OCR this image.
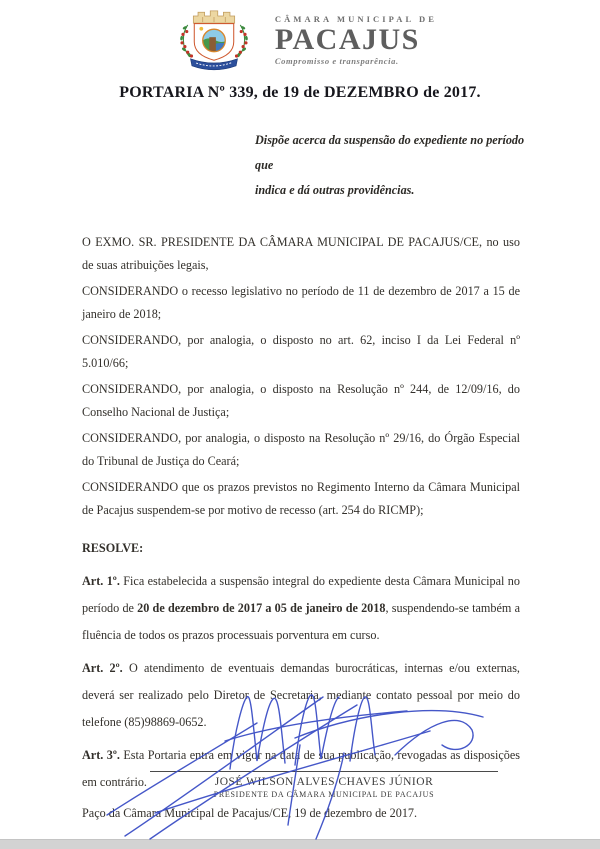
CÂMARA MUNICIPAL DE
PACAJUS
Compromisso e transparência.
PORTARIA Nº 339, de 19 de DEZEMBRO de 2017.
Dispõe acerca da suspensão do expediente no período que
indica e dá outras providências.

O EXMO. SR. PRESIDENTE DA CÂMARA MUNICIPAL DE PACAJUS/CE, no uso de suas atribuições legais,

CONSIDERANDO o recesso legislativo no período de 11 de dezembro de 2017 a 15 de janeiro de 2018;

CONSIDERANDO, por analogia, o disposto no art. 62, inciso I da Lei Federal nº 5.010/66;

CONSIDERANDO, por analogia, o disposto na Resolução nº 244, de 12/09/16, do Conselho Nacional de Justiça;

CONSIDERANDO, por analogia, o disposto na Resolução nº 29/16, do Órgão Especial do Tribunal de Justiça do Ceará;

CONSIDERANDO que os prazos previstos no Regimento Interno da Câmara Municipal de Pacajus suspendem-se por motivo de recesso (art. 254 do RICMP);

RESOLVE:

Art. 1º. Fica estabelecida a suspensão integral do expediente desta Câmara Municipal no período de 20 de dezembro de 2017 a 05 de janeiro de 2018, suspendendo-se também a fluência de todos os prazos processuais porventura em curso.

Art. 2º. O atendimento de eventuais demandas burocráticas, internas e/ou externas, deverá ser realizado pelo Diretor de Secretaria, mediante contato pessoal por meio do telefone (85)98869-0652.

Art. 3º. Esta Portaria entra em vigor na data de sua publicação, revogadas as disposições em contrário.

Paço da Câmara Municipal de Pacajus/CE, 19 de dezembro de 2017.

JOSÉ WILSON ALVES CHAVES JÚNIOR
PRESIDENTE DA CÂMARA MUNICIPAL DE PACAJUS
